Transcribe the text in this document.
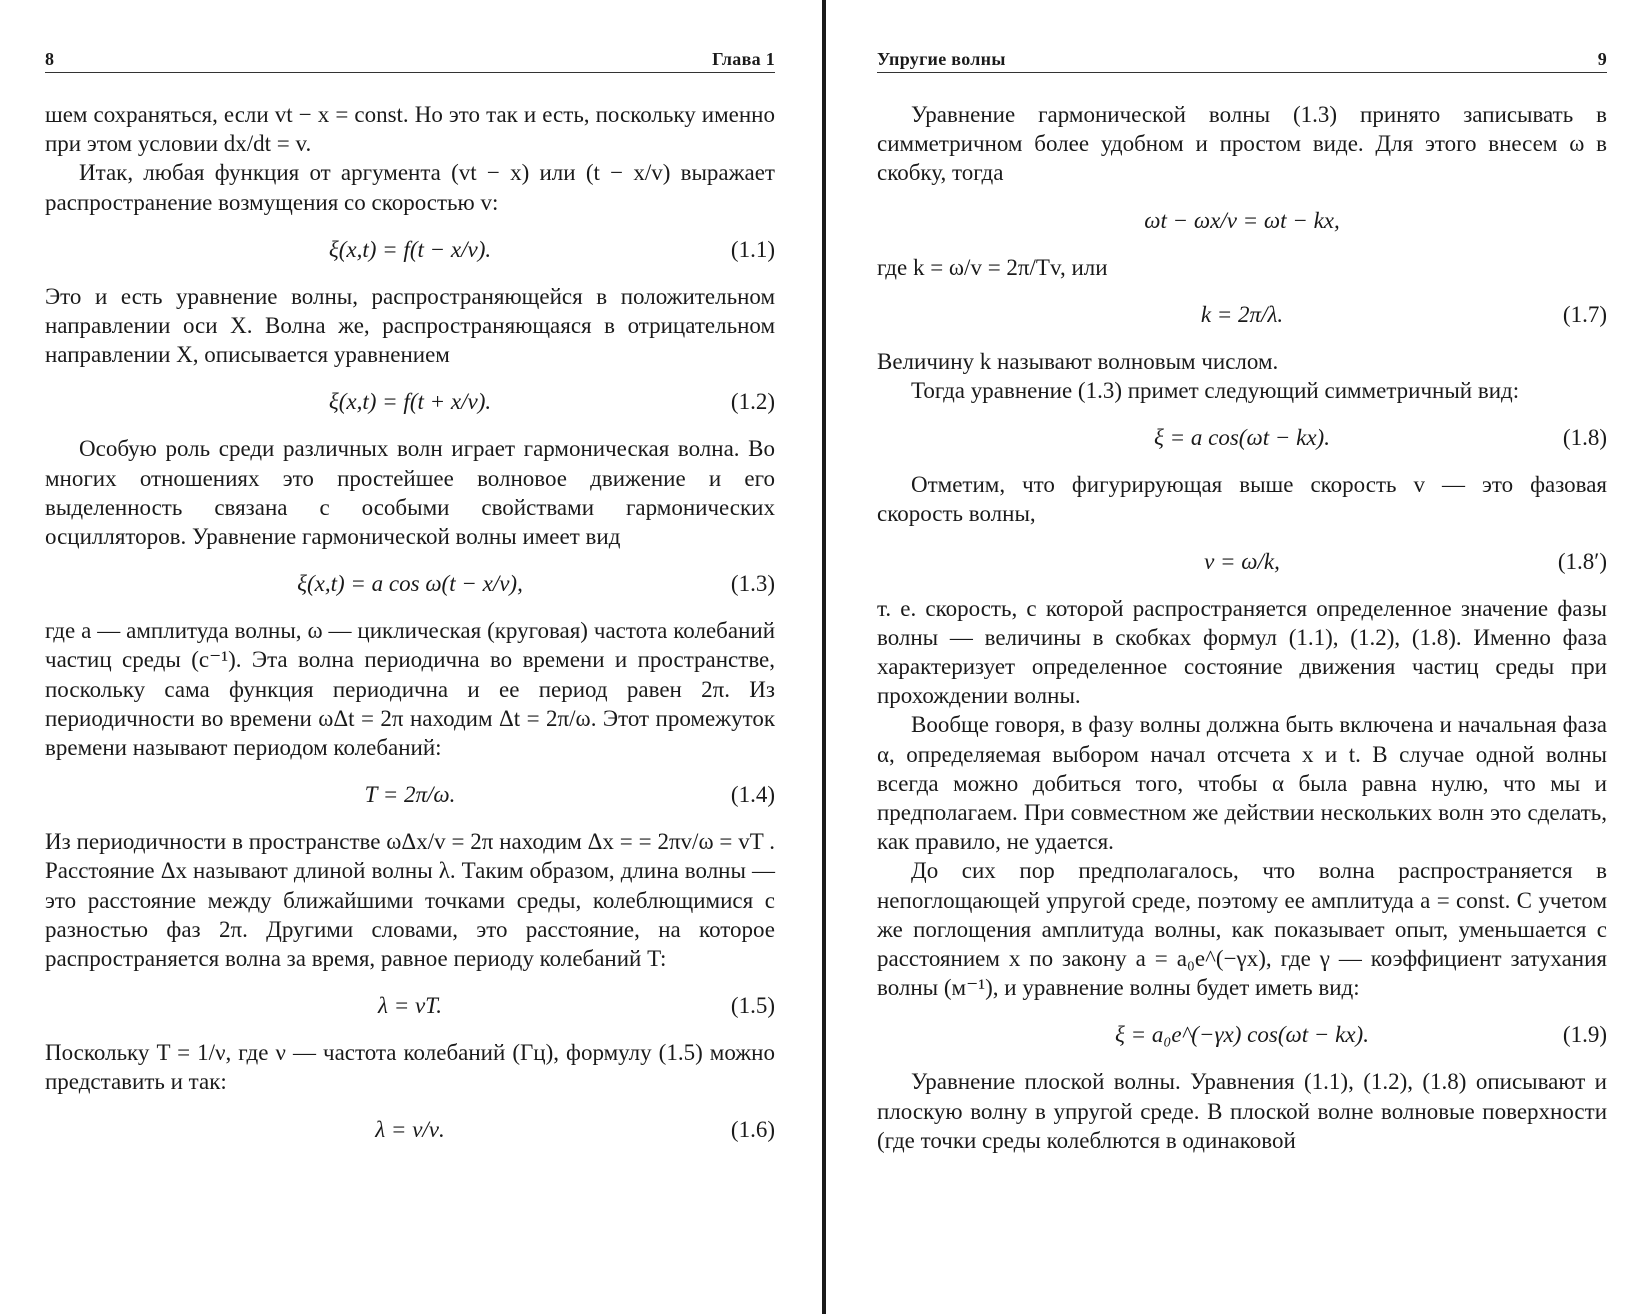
8	Глава 1

шем сохраняться, если vt − x = const. Но это так и есть, поскольку именно при этом условии dx/dt = v.

Итак, любая функция от аргумента (vt − x) или (t − x/v) выражает распространение возмущения со скоростью v:

ξ(x,t) = f(t − x/v).	(1.1)

Это и есть уравнение волны, распространяющейся в положительном направлении оси X. Волна же, распространяющаяся в отрицательном направлении X, описывается уравнением

ξ(x,t) = f(t + x/v).	(1.2)

Особую роль среди различных волн играет гармоническая волна. Во многих отношениях это простейшее волновое движение и его выделенность связана с особыми свойствами гармонических осцилляторов. Уравнение гармонической волны имеет вид

ξ(x,t) = a cos ω(t − x/v),	(1.3)

где a — амплитуда волны, ω — циклическая (круговая) частота колебаний частиц среды (с⁻¹). Эта волна периодична во времени и пространстве, поскольку сама функция периодична и ее период равен 2π. Из периодичности во времени ωΔt = 2π находим Δt = 2π/ω. Этот промежуток времени называют периодом колебаний:

T = 2π/ω.	(1.4)

Из периодичности в пространстве ωΔx/v = 2π находим Δx = = 2πv/ω = vT . Расстояние Δx называют длиной волны λ. Таким образом, длина волны — это расстояние между ближайшими точками среды, колеблющимися с разностью фаз 2π. Другими словами, это расстояние, на которое распространяется волна за время, равное периоду колебаний T:

λ = vT.	(1.5)

Поскольку T = 1/ν, где ν — частота колебаний (Гц), формулу (1.5) можно представить и так:

λ = v/ν.	(1.6)
Упругие волны	9

Уравнение гармонической волны (1.3) принято записывать в симметричном более удобном и простом виде. Для этого внесем ω в скобку, тогда

ωt − ωx/v = ωt − kx,

где k = ω/v = 2π/Tv, или

k = 2π/λ.	(1.7)

Величину k называют волновым числом.

Тогда уравнение (1.3) примет следующий симметричный вид:

ξ = a cos(ωt − kx).	(1.8)

Отметим, что фигурирующая выше скорость v — это фазовая скорость волны,

v = ω/k,	(1.8′)

т. е. скорость, с которой распространяется определенное значение фазы волны — величины в скобках формул (1.1), (1.2), (1.8). Именно фаза характеризует определенное состояние движения частиц среды при прохождении волны.

Вообще говоря, в фазу волны должна быть включена и начальная фаза α, определяемая выбором начал отсчета x и t. В случае одной волны всегда можно добиться того, чтобы α была равна нулю, что мы и предполагаем. При совместном же действии нескольких волн это сделать, как правило, не удается.

До сих пор предполагалось, что волна распространяется в непоглощающей упругой среде, поэтому ее амплитуда a = const. С учетом же поглощения амплитуда волны, как показывает опыт, уменьшается с расстоянием x по закону a = a₀e^(−γx), где γ — коэффициент затухания волны (м⁻¹), и уравнение волны будет иметь вид:

ξ = a₀e^(−γx) cos(ωt − kx).	(1.9)

Уравнение плоской волны. Уравнения (1.1), (1.2), (1.8) описывают и плоскую волну в упругой среде. В плоской волне волновые поверхности (где точки среды колеблются в одинаковой
